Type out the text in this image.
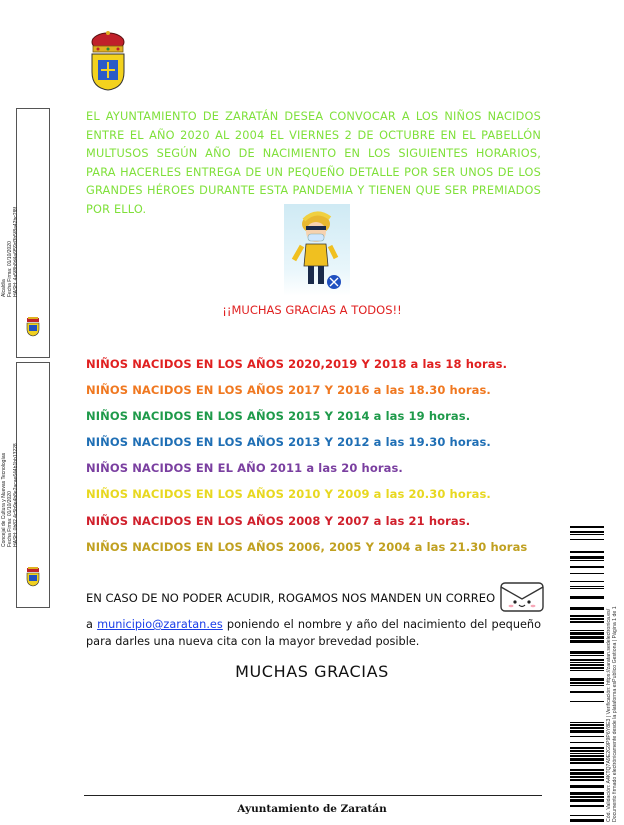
Alcaldía Fecha Firma: 01/10/2020 HASH: 4a5f8b8d4a6f59d3b5f8a42bc7f8f
Concejal de Cultura y Nuevas Tecnologías Fecha Firma: 01/10/2020 HASH: 0b82 4c5b9e4b8e2acae644b1bb13228
EL AYUNTAMIENTO DE ZARATÁN DESEA CONVOCAR A LOS NIÑOS NACIDOS ENTRE EL AÑO 2020 AL 2004 EL VIERNES 2 DE OCTUBRE EN EL PABELLÓN MULTUSOS SEGÚN AÑO DE NACIMIENTO EN LOS SIGUIENTES HORARIOS, PARA HACERLES ENTREGA DE UN PEQUEÑO DETALLE POR SER UNOS DE LOS GRANDES HÉROES DURANTE ESTA PANDEMIA Y TIENEN QUE SER PREMIADOS POR ELLO.
¡¡MUCHAS GRACIAS A TODOS!!
NIÑOS NACIDOS EN LOS AÑOS 2020,2019 Y 2018 a las 18 horas.
NIÑOS NACIDOS EN LOS AÑOS 2017 Y 2016 a las 18.30 horas.
NIÑOS NACIDOS EN LOS AÑOS 2015 Y 2014 a las 19 horas.
NIÑOS NACIDOS EN LOS AÑOS 2013 Y 2012 a las 19.30 horas.
NIÑOS NACIDOS EN EL AÑO 2011 a las 20 horas.
NIÑOS NACIDOS EN LOS AÑOS 2010 Y 2009 a las 20.30 horas.
NIÑOS NACIDOS EN LOS AÑOS 2008 Y 2007 a las 21 horas.
NIÑOS NACIDOS EN LOS AÑOS 2006, 2005 Y 2004 a las 21.30 horas
EN CASO DE NO PODER ACUDIR, ROGAMOS NOS MANDEN UN CORREO
a municipio@zaratan.es poniendo el nombre y año del nacimiento del pequeño para darles una nueva cita con la mayor brevedad posible.
MUCHAS GRACIAS
Ayuntamiento de Zaratán	Cód. Validación: A4KTQ7A9E2G9P9P6Y8E3 | Verificación: https://zaratan.sedelectronica.es/ Documento firmado electrónicamente desde la plataforma esPublico Gestiona | Página 1 de 1
